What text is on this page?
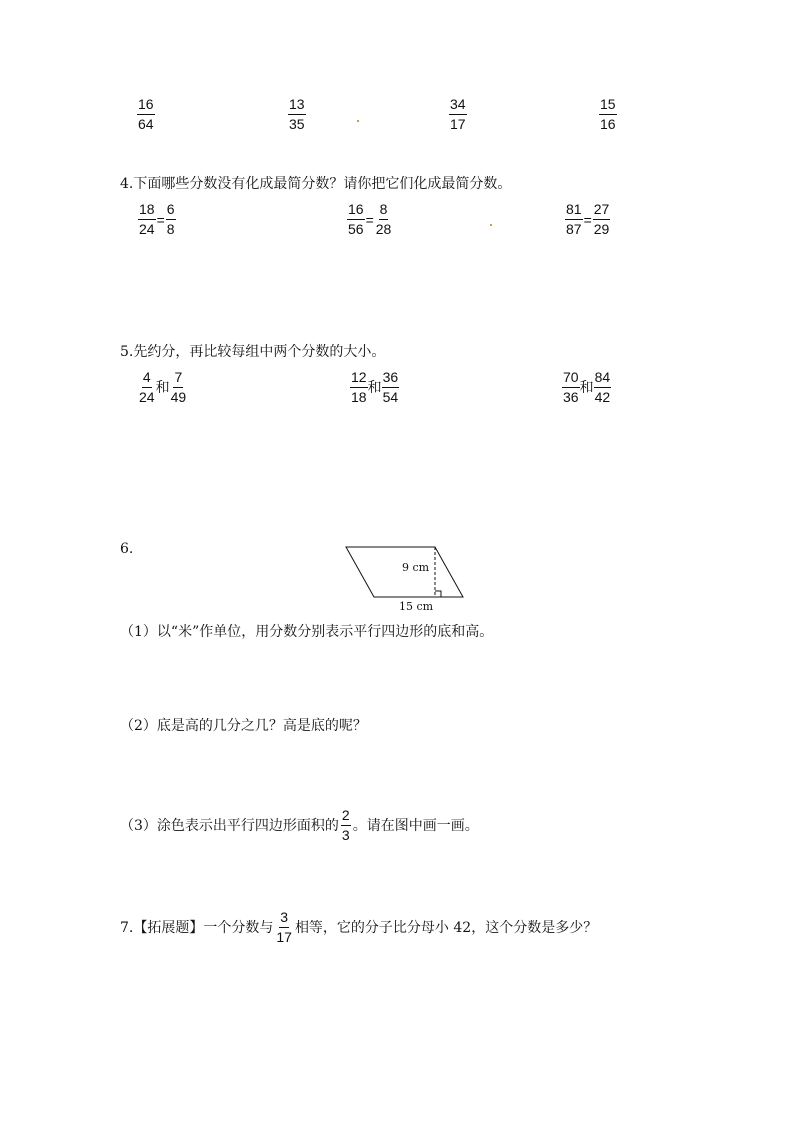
$\frac{16}{64}$	$\frac{13}{35}$	$\frac{34}{17}$	$\frac{15}{16}$
4.下面哪些分数没有化成最简分数？请你把它们化成最简分数。
$\frac{18}{24} = \frac{6}{8}$	$\frac{16}{56} = \frac{8}{28}$	$\frac{81}{87} = \frac{27}{29}$
5.先约分，再比较每组中两个分数的大小。
$\frac{4}{24}$ 和 $\frac{7}{49}$	$\frac{12}{18}$ 和 $\frac{36}{54}$	$\frac{70}{36}$ 和 $\frac{84}{42}$
6.
9 cm
15 cm
（1）以“米”作单位，用分数分别表示平行四边形的底和高。
（2）底是高的几分之几？高是底的呢？
（3）涂色表示出平行四边形面积的 $\frac{2}{3}$ 。请在图中画一画。
7.【拓展题】一个分数与 $\frac{3}{17}$ 相等，它的分子比分母小 42，这个分数是多少？
